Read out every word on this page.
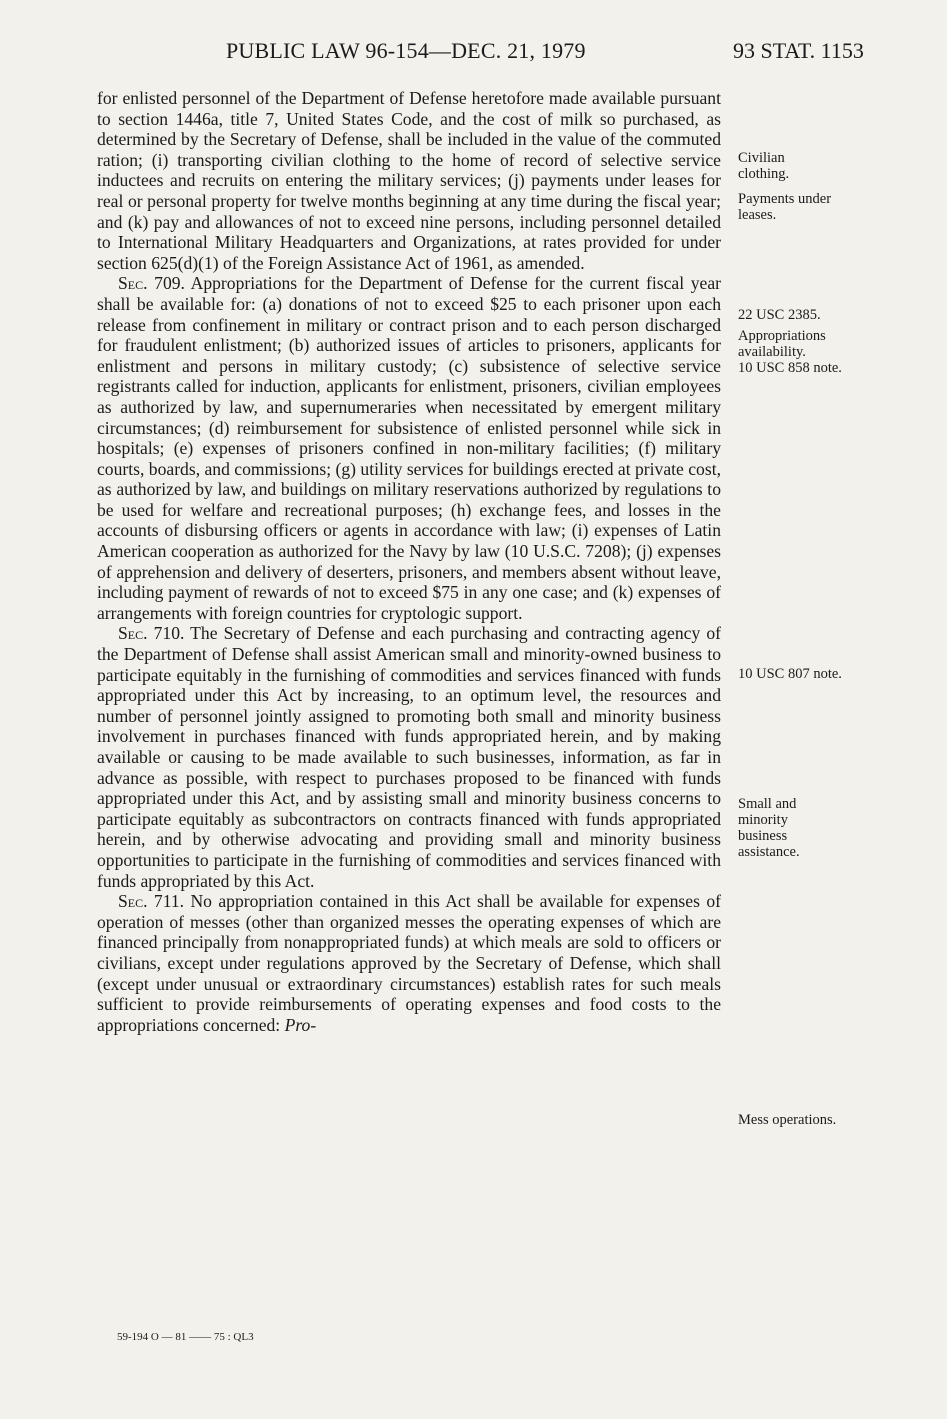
PUBLIC LAW 96-154—DEC. 21, 1979	93 STAT. 1153

for enlisted personnel of the Department of Defense heretofore made available pursuant to section 1446a, title 7, United States Code, and the cost of milk so purchased, as determined by the Secretary of Defense, shall be included in the value of the commuted ration; (i) transporting civilian clothing to the home of record of selective service inductees and recruits on entering the military services; (j) payments under leases for real or personal property for twelve months beginning at any time during the fiscal year; and (k) pay and allowances of not to exceed nine persons, including personnel detailed to International Military Headquarters and Organizations, at rates provided for under section 625(d)(1) of the Foreign Assistance Act of 1961, as amended.

Sec. 709. Appropriations for the Department of Defense for the current fiscal year shall be available for: (a) donations of not to exceed $25 to each prisoner upon each release from confinement in military or contract prison and to each person discharged for fraudulent enlistment; (b) authorized issues of articles to prisoners, applicants for enlistment and persons in military custody; (c) subsistence of selective service registrants called for induction, applicants for enlistment, prisoners, civilian employees as authorized by law, and supernumeraries when necessitated by emergent military circumstances; (d) reimbursement for subsistence of enlisted personnel while sick in hospitals; (e) expenses of prisoners confined in non-military facilities; (f) military courts, boards, and commissions; (g) utility services for buildings erected at private cost, as authorized by law, and buildings on military reservations authorized by regulations to be used for welfare and recreational purposes; (h) exchange fees, and losses in the accounts of disbursing officers or agents in accordance with law; (i) expenses of Latin American cooperation as authorized for the Navy by law (10 U.S.C. 7208); (j) expenses of apprehension and delivery of deserters, prisoners, and members absent without leave, including payment of rewards of not to exceed $75 in any one case; and (k) expenses of arrangements with foreign countries for cryptologic support.

Sec. 710. The Secretary of Defense and each purchasing and contracting agency of the Department of Defense shall assist American small and minority-owned business to participate equitably in the furnishing of commodities and services financed with funds appropriated under this Act by increasing, to an optimum level, the resources and number of personnel jointly assigned to promoting both small and minority business involvement in purchases financed with funds appropriated herein, and by making available or causing to be made available to such businesses, information, as far in advance as possible, with respect to purchases proposed to be financed with funds appropriated under this Act, and by assisting small and minority business concerns to participate equitably as subcontractors on contracts financed with funds appropriated herein, and by otherwise advocating and providing small and minority business opportunities to participate in the furnishing of commodities and services financed with funds appropriated by this Act.

Sec. 711. No appropriation contained in this Act shall be available for expenses of operation of messes (other than organized messes the operating expenses of which are financed principally from nonappropriated funds) at which meals are sold to officers or civilians, except under regulations approved by the Secretary of Defense, which shall (except under unusual or extraordinary circumstances) establish rates for such meals sufficient to provide reimbursements of operating expenses and food costs to the appropriations concerned: Pro-

Civilian
clothing.
Payments under
leases.
22 USC 2385.
Appropriations
availability.
10 USC 858 note.
10 USC 807 note.
Small and
minority
business
assistance.
Mess operations.
59-194 O — 81 —— 75 : QL3
